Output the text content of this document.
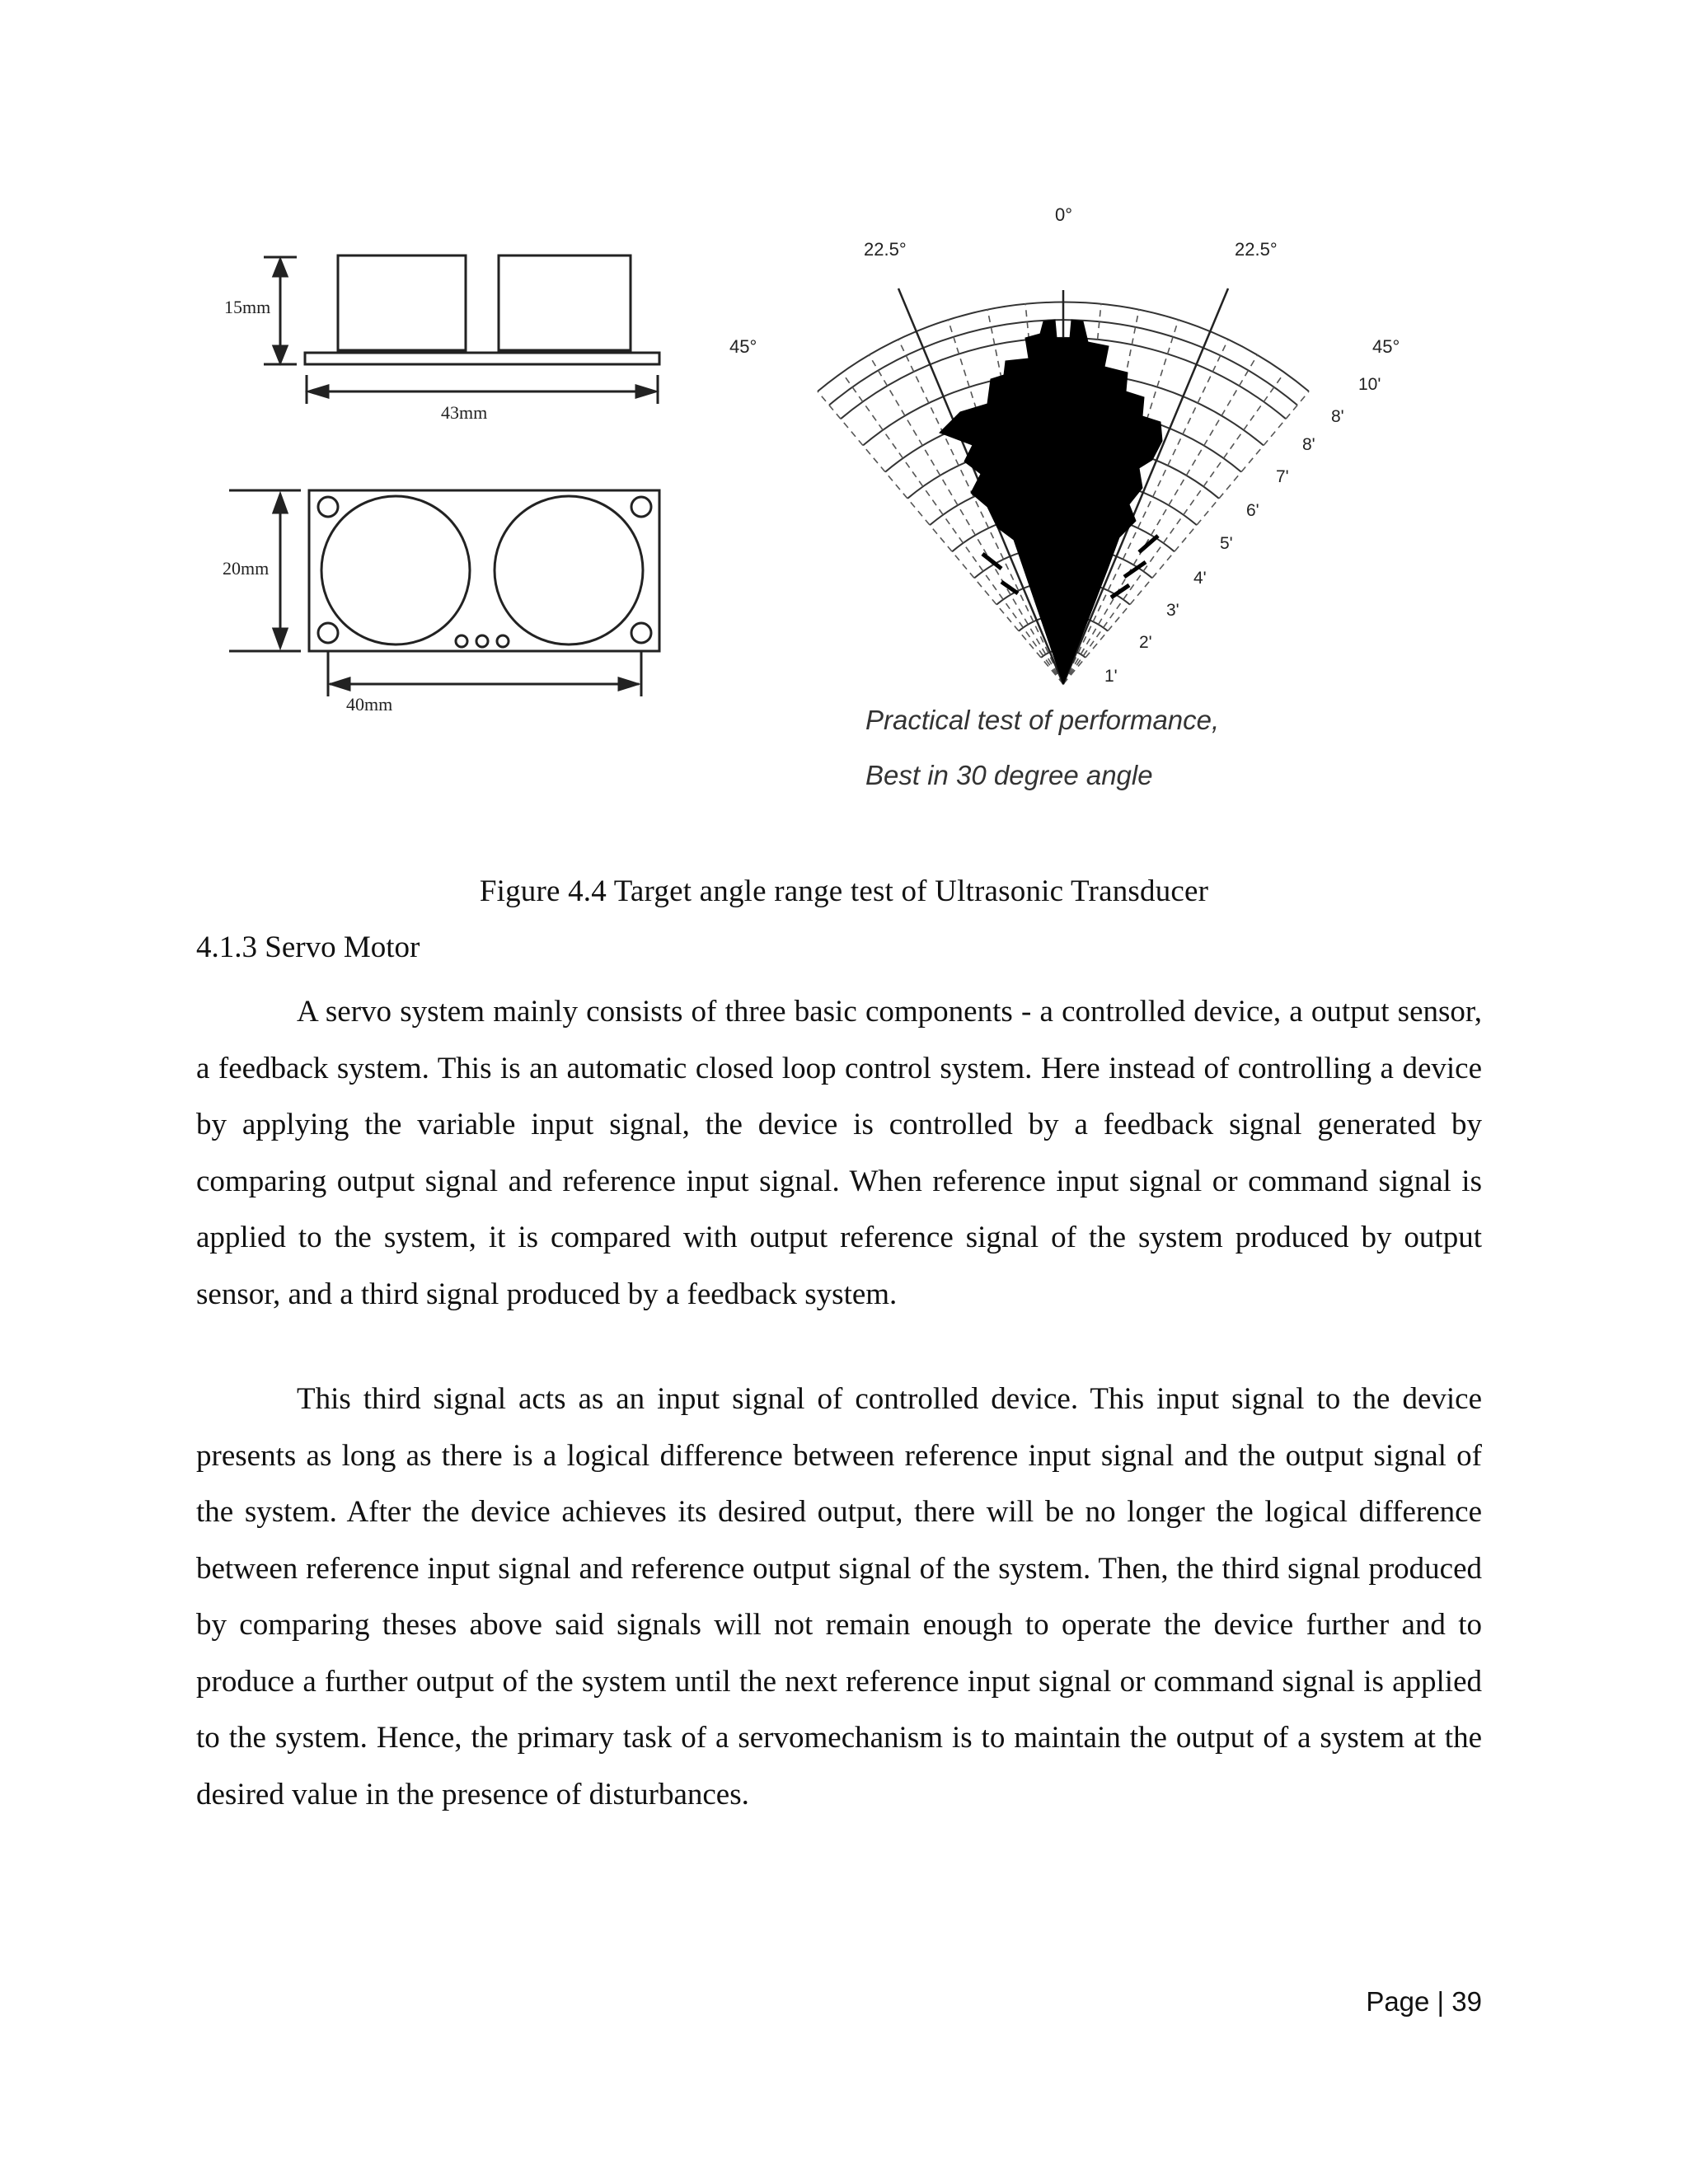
15mm
43mm
20mm
40mm
0°
22.5°	22.5°
45°	45°
1'
2'
3'
4'
5'
6'
7'
8'
8'
10'
Practical test of performance,
Best in 30 degree angle
Figure 4.4 Target angle range test of Ultrasonic Transducer
4.1.3 Servo Motor

A servo system mainly consists of three basic components - a controlled device, a output sensor, a feedback system. This is an automatic closed loop control system. Here instead of controlling a device by applying the variable input signal, the device is controlled by a feedback signal generated by comparing output signal and reference input signal. When reference input signal or command signal is applied to the system, it is compared with output reference signal of the system produced by output sensor, and a third signal produced by a feedback system.

This third signal acts as an input signal of controlled device. This input signal to the device presents as long as there is a logical difference between reference input signal and the output signal of the system. After the device achieves its desired output, there will be no longer the logical difference between reference input signal and reference output signal of the system. Then, the third signal produced by comparing theses above said signals will not remain enough to operate the device further and to produce a further output of the system until the next reference input signal or command signal is applied to the system. Hence, the primary task of a servomechanism is to maintain the output of a system at the desired value in the presence of disturbances.

Page | 39
